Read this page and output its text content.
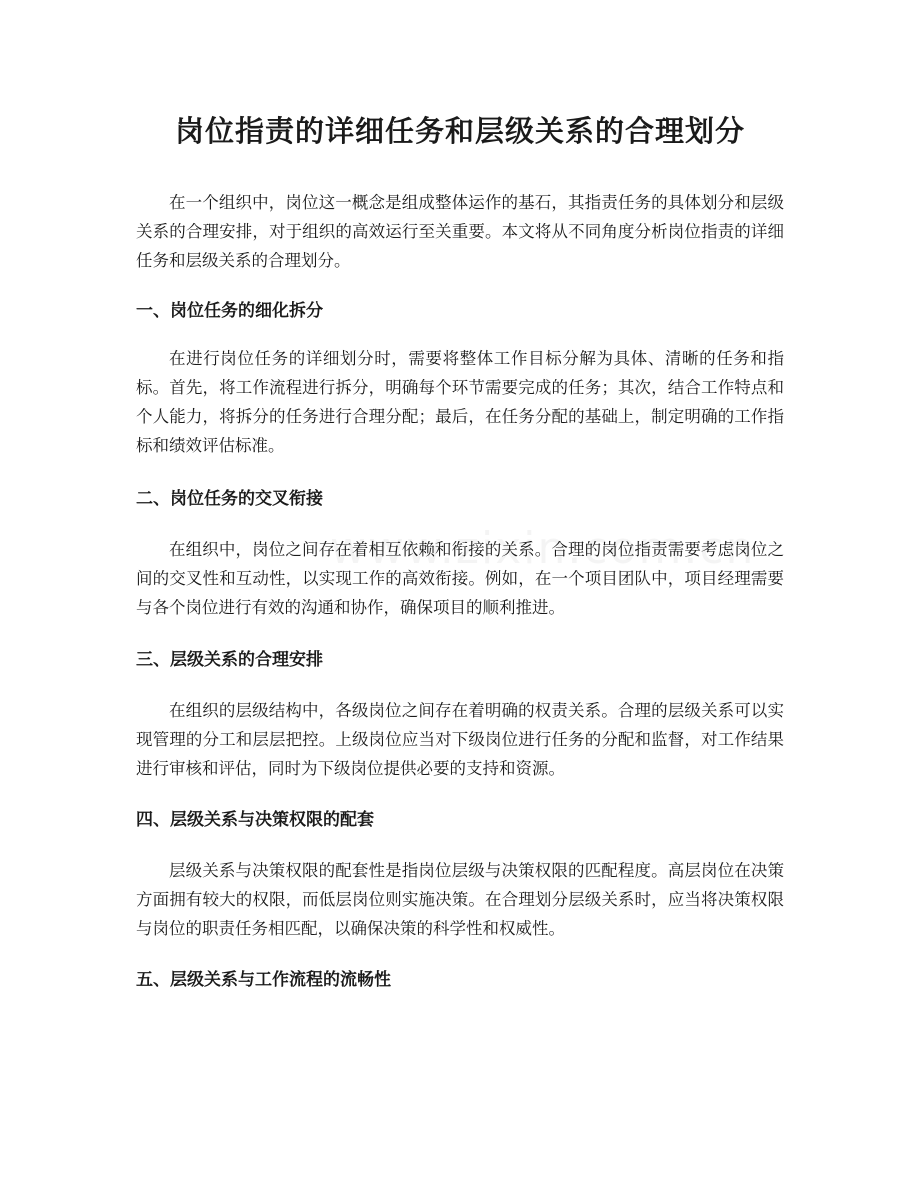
岗位指责的详细任务和层级关系的合理划分

在一个组织中，岗位这一概念是组成整体运作的基石，其指责任务的具体划分和层级关系的合理安排，对于组织的高效运行至关重要。本文将从不同角度分析岗位指责的详细任务和层级关系的合理划分。

一、岗位任务的细化拆分

在进行岗位任务的详细划分时，需要将整体工作目标分解为具体、清晰的任务和指标。首先，将工作流程进行拆分，明确每个环节需要完成的任务；其次，结合工作特点和个人能力，将拆分的任务进行合理分配；最后，在任务分配的基础上，制定明确的工作指标和绩效评估标准。

二、岗位任务的交叉衔接

在组织中，岗位之间存在着相互依赖和衔接的关系。合理的岗位指责需要考虑岗位之间的交叉性和互动性，以实现工作的高效衔接。例如，在一个项目团队中，项目经理需要与各个岗位进行有效的沟通和协作，确保项目的顺利推进。

三、层级关系的合理安排

在组织的层级结构中，各级岗位之间存在着明确的权责关系。合理的层级关系可以实现管理的分工和层层把控。上级岗位应当对下级岗位进行任务的分配和监督，对工作结果进行审核和评估，同时为下级岗位提供必要的支持和资源。

四、层级关系与决策权限的配套

层级关系与决策权限的配套性是指岗位层级与决策权限的匹配程度。高层岗位在决策方面拥有较大的权限，而低层岗位则实施决策。在合理划分层级关系时，应当将决策权限与岗位的职责任务相匹配，以确保决策的科学性和权威性。

五、层级关系与工作流程的流畅性
